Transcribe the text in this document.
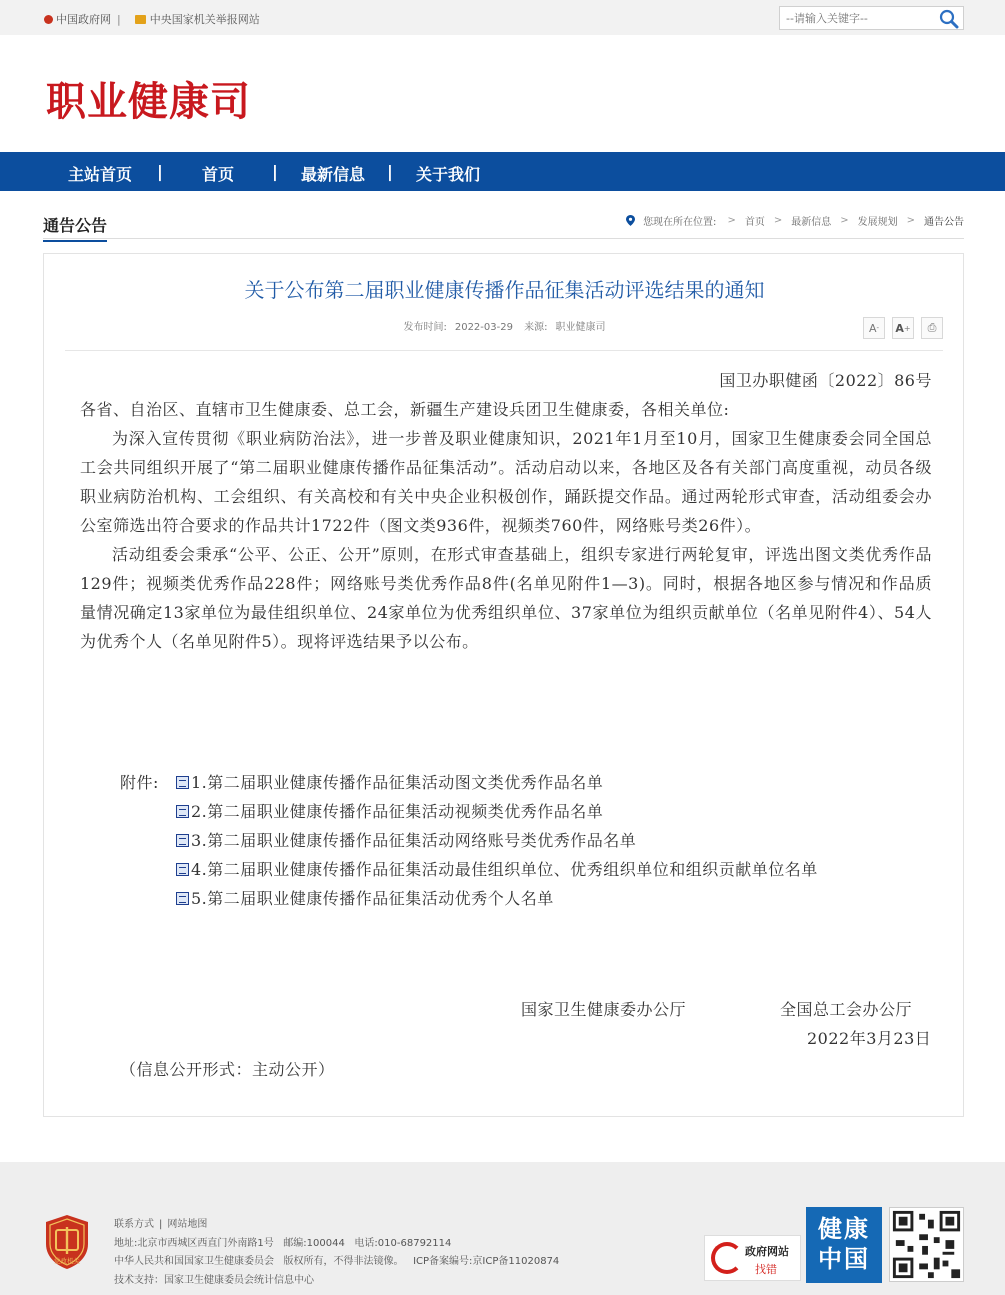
中国政府网 |	中央国家机关举报网站
--请输入关键字--
职业健康司
主站首页 | 首页 | 最新信息 | 关于我们
通告公告	您现在所在位置: > 首页 > 最新信息 > 发展规划 > 通告公告
关于公布第二届职业健康传播作品征集活动评选结果的通知
发布时间: 2022-03-29 来源: 职业健康司	A - A + ⎙

国卫办职健函〔2022〕86号

各省、自治区、直辖市卫生健康委、总工会，新疆生产建设兵团卫生健康委，各相关单位:

为深入宣传贯彻《职业病防治法》，进一步普及职业健康知识，2021年1月至10月，国家卫生健康委会同全国总工会共同组织开展了“第二届职业健康传播作品征集活动”。活动启动以来，各地区及各有关部门高度重视，动员各级职业病防治机构、工会组织、有关高校和有关中央企业积极创作，踊跃提交作品。通过两轮形式审查，活动组委会办公室筛选出符合要求的作品共计1722件（图文类936件，视频类760件，网络账号类26件）。

活动组委会秉承“公平、公正、公开”原则，在形式审查基础上，组织专家进行两轮复审，评选出图文类优秀作品129件；视频类优秀作品228件；网络账号类优秀作品8件(名单见附件1—3)。同时，根据各地区参与情况和作品质量情况确定13家单位为最佳组织单位、24家单位为优秀组织单位、37家单位为组织贡献单位（名单见附件4）、54人为优秀个人（名单见附件5）。现将评选结果予以公布。

附件:	1.第二届职业健康传播作品征集活动图文类优秀作品名单
2.第二届职业健康传播作品征集活动视频类优秀作品名单
3.第二届职业健康传播作品征集活动网络账号类优秀作品名单
4.第二届职业健康传播作品征集活动最佳组织单位、优秀组织单位和组织贡献单位名单
5.第二届职业健康传播作品征集活动优秀个人名单
国家卫生健康委办公厅	全国总工会办公厅
2022年3月23日
（信息公开形式：主动公开）
党政机关
联系方式 | 网站地图
地址:北京市西城区西直门外南路1号 邮编:100044 电话:010-68792114
中华人民共和国国家卫生健康委员会 版权所有，不得非法镜像。 ICP备案编号:京ICP备11020874
技术支持：国家卫生健康委员会统计信息中心
政府网站
找错
健康中国
